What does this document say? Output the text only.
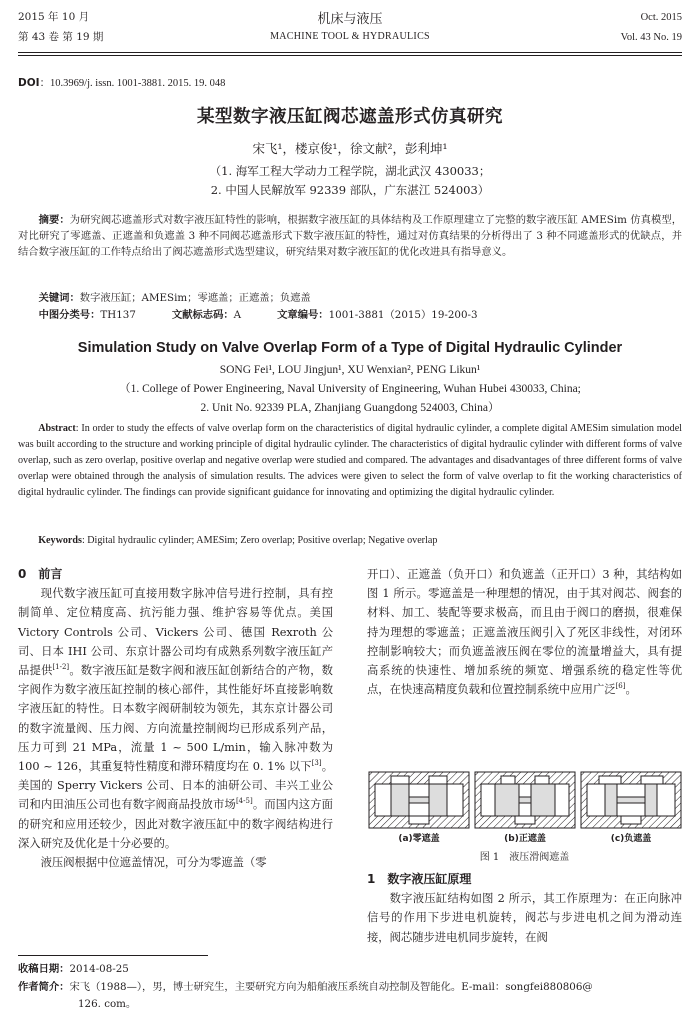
2015 年 10 月
第 43 卷 第 19 期
机床与液压
MACHINE TOOL & HYDRAULICS
Oct. 2015
Vol. 43 No. 19
DOI：10.3969/j. issn. 1001-3881. 2015. 19. 048
某型数字液压缸阀芯遮盖形式仿真研究
宋飞¹，楼京俊¹，徐文献²，彭利坤¹
（1. 海军工程大学动力工程学院，湖北武汉 430033；
2. 中国人民解放军 92339 部队，广东湛江 524003）
摘要：为研究阀芯遮盖形式对数字液压缸特性的影响，根据数字液压缸的具体结构及工作原理建立了完整的数字液压缸 AMESim 仿真模型，对比研究了零遮盖、正遮盖和负遮盖 3 种不同阀芯遮盖形式下数字液压缸的特性，通过对仿真结果的分析得出了 3 种不同遮盖形式的优缺点，并结合数字液压缸的工作特点给出了阀芯遮盖形式选型建议，研究结果对数字液压缸的优化改进具有指导意义。
关键词：数字液压缸；AMESim；零遮盖；正遮盖；负遮盖
中图分类号：TH137	文献标志码：A	文章编号：1001-3881（2015）19-200-3
Simulation Study on Valve Overlap Form of a Type of Digital Hydraulic Cylinder
SONG Fei¹, LOU Jingjun¹, XU Wenxian², PENG Likun¹
（1. College of Power Engineering, Naval University of Engineering, Wuhan Hubei 430033, China;
2. Unit No. 92339 PLA, Zhanjiang Guangdong 524003, China）
Abstract: In order to study the effects of valve overlap form on the characteristics of digital hydraulic cylinder, a complete digital AMESim simulation model was built according to the structure and working principle of digital hydraulic cylinder. The characteristics of digital hydraulic cylinder with different forms of valve overlap, such as zero overlap, positive overlap and negative overlap were studied and compared. The advantages and disadvantages of three different forms of valve overlap were obtained through the analysis of simulation results. The advices were given to select the form of valve overlap to fit the working characteristics of digital hydraulic cylinder. The findings can provide significant guidance for innovating and optimizing the digital hydraulic cylinder.
Keywords: Digital hydraulic cylinder; AMESim; Zero overlap; Positive overlap; Negative overlap
0　前言
现代数字液压缸可直接用数字脉冲信号进行控制，具有控制简单、定位精度高、抗污能力强、维护容易等优点。美国 Victory Controls 公司、Vickers 公司、德国 Rexroth 公司、日本 IHI 公司、东京计器公司均有成熟系列数字液压缸产品提供[1-2]。数字液压缸是数字阀和液压缸创新结合的产物，数字阀作为数字液压缸控制的核心部件，其性能好坏直接影响数字液压缸的特性。日本数字阀研制较为领先，其东京计器公司的数字流量阀、压力阀、方向流量控制阀均已形成系列产品，压力可到 21 MPa，流量 1 ~ 500 L/min，输入脉冲数为 100 ~ 126，其重复特性精度和滞环精度均在 0. 1% 以下[3]。美国的 Sperry Vickers 公司、日本的油研公司、丰兴工业公司和内田油压公司也有数字阀商品投放市场[4-5]。而国内这方面的研究和应用还较少，因此对数字液压缸中的数字阀结构进行深入研究及优化是十分必要的。
液压阀根据中位遮盖情况，可分为零遮盖（零
开口）、正遮盖（负开口）和负遮盖（正开口）3 种，其结构如图 1 所示。零遮盖是一种理想的情况，由于其对阀芯、阀套的材料、加工、装配等要求极高，而且由于阀口的磨损，很难保持为理想的零遮盖；正遮盖液压阀引入了死区非线性，对闭环控制影响较大；而负遮盖液压阀在零位的流量增益大，具有提高系统的快速性、增加系统的频宽、增强系统的稳定性等优点，在快速高精度负载和位置控制系统中应用广泛[6]。
(a)零遮盖	(b)正遮盖	(c)负遮盖
图 1　液压滑阀遮盖
1　数字液压缸原理
数字液压缸结构如图 2 所示，其工作原理为：在正向脉冲信号的作用下步进电机旋转，阀芯与步进电机之间为滑动连接，阀芯随步进电机同步旋转，在阀
收稿日期：2014-08-25
作者简介：宋飞（1988—），男，博士研究生，主要研究方向为船舶液压系统自动控制及智能化。E-mail：songfei880806@
126. com。
